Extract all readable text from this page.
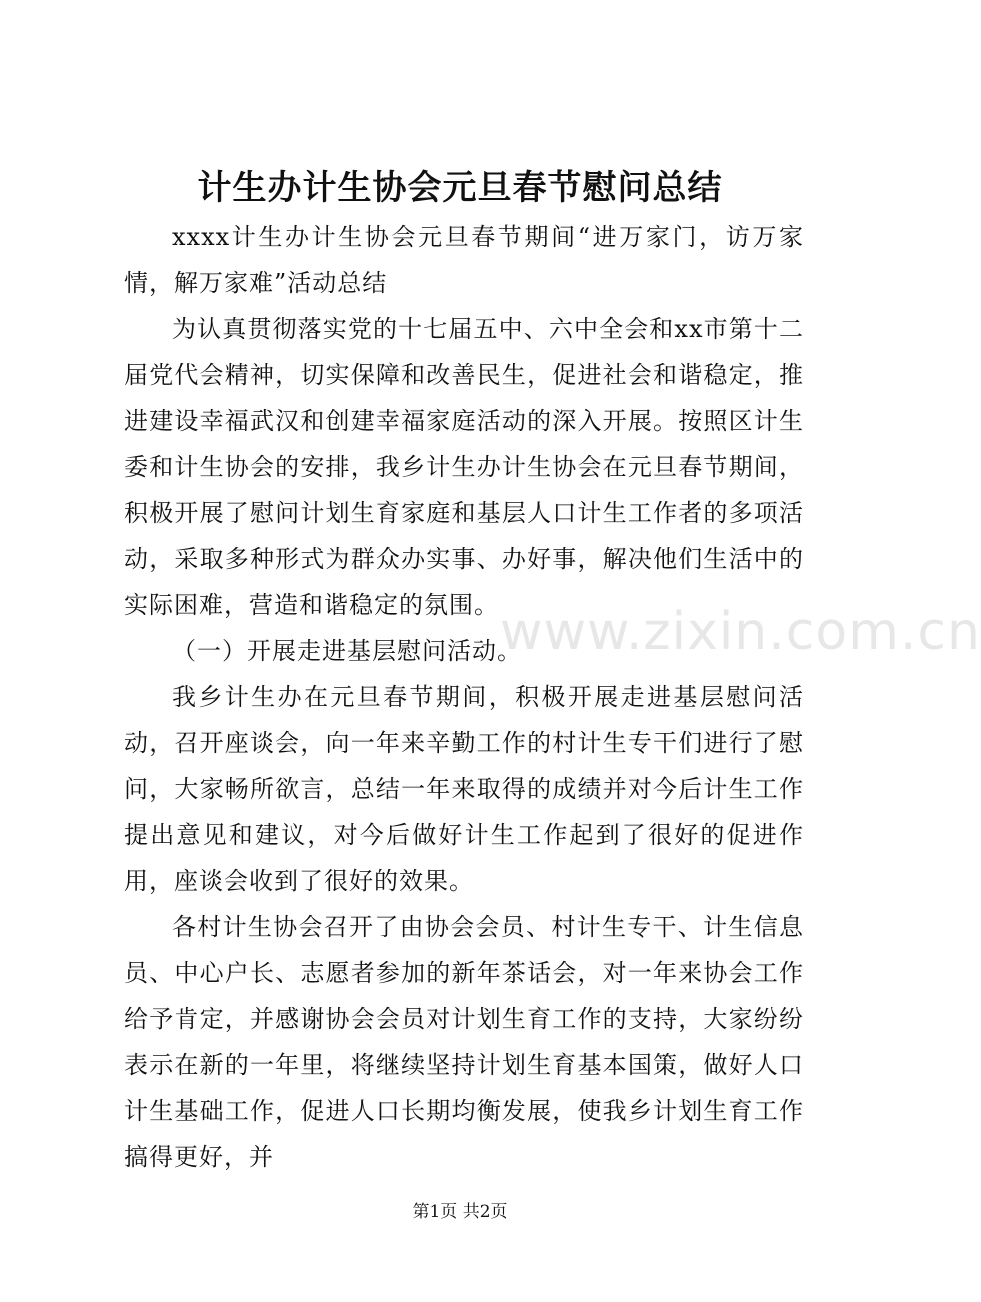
计生办计生协会元旦春节慰问总结
www.zixin.com.cn

xxxx计生办计生协会元旦春节期间“进万家门，访万家情，解万家难”活动总结

为认真贯彻落实党的十七届五中、六中全会和xx市第十二届党代会精神，切实保障和改善民生，促进社会和谐稳定，推进建设幸福武汉和创建幸福家庭活动的深入开展。按照区计生委和计生协会的安排，我乡计生办计生协会在元旦春节期间，积极开展了慰问计划生育家庭和基层人口计生工作者的多项活动，采取多种形式为群众办实事、办好事，解决他们生活中的实际困难，营造和谐稳定的氛围。

（一）开展走进基层慰问活动。

我乡计生办在元旦春节期间，积极开展走进基层慰问活动，召开座谈会，向一年来辛勤工作的村计生专干们进行了慰问，大家畅所欲言，总结一年来取得的成绩并对今后计生工作提出意见和建议，对今后做好计生工作起到了很好的促进作用，座谈会收到了很好的效果。

各村计生协会召开了由协会会员、村计生专干、计生信息员、中心户长、志愿者参加的新年茶话会，对一年来协会工作给予肯定，并感谢协会会员对计划生育工作的支持，大家纷纷表示在新的一年里，将继续坚持计划生育基本国策，做好人口计生基础工作，促进人口长期均衡发展，使我乡计划生育工作搞得更好，并

第1页 共2页
